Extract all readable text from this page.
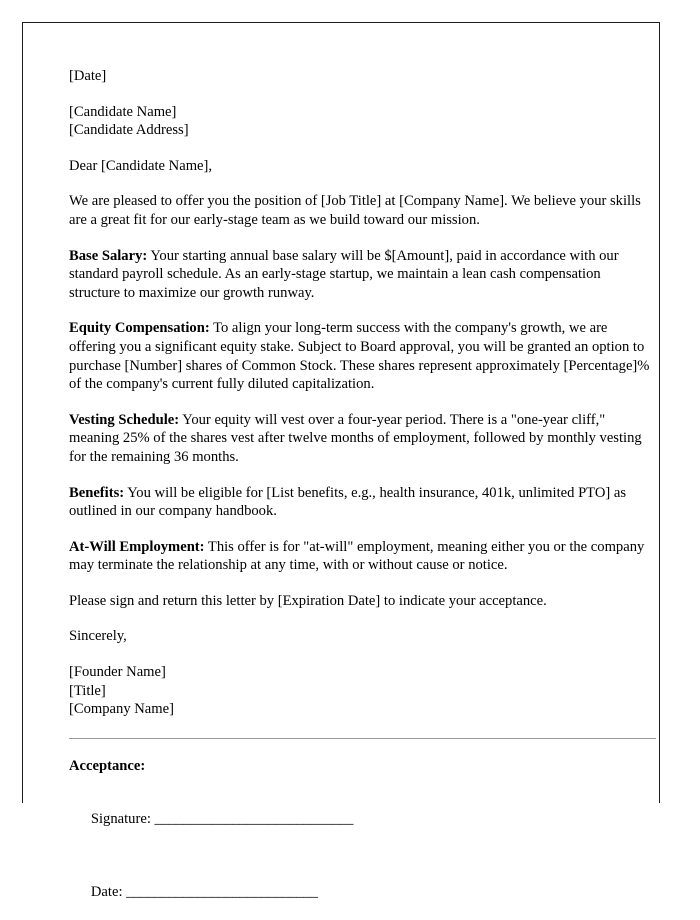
[Date]

[Candidate Name]
[Candidate Address]

Dear [Candidate Name],

We are pleased to offer you the position of [Job Title] at [Company Name]. We believe your skills are a great fit for our early-stage team as we build toward our mission.

Base Salary: Your starting annual base salary will be $[Amount], paid in accordance with our standard payroll schedule. As an early-stage startup, we maintain a lean cash compensation structure to maximize our growth runway.

Equity Compensation: To align your long-term success with the company's growth, we are offering you a significant equity stake. Subject to Board approval, you will be granted an option to purchase [Number] shares of Common Stock. These shares represent approximately [Percentage]% of the company's current fully diluted capitalization.

Vesting Schedule: Your equity will vest over a four-year period. There is a "one-year cliff," meaning 25% of the shares vest after twelve months of employment, followed by monthly vesting for the remaining 36 months.

Benefits: You will be eligible for [List benefits, e.g., health insurance, 401k, unlimited PTO] as outlined in our company handbook.

At-Will Employment: This offer is for "at-will" employment, meaning either you or the company may terminate the relationship at any time, with or without cause or notice.

Please sign and return this letter by [Expiration Date] to indicate your acceptance.

Sincerely,

[Founder Name]
[Title]
[Company Name]

Acceptance:

Signature: ____________________________

Date: ___________________________
